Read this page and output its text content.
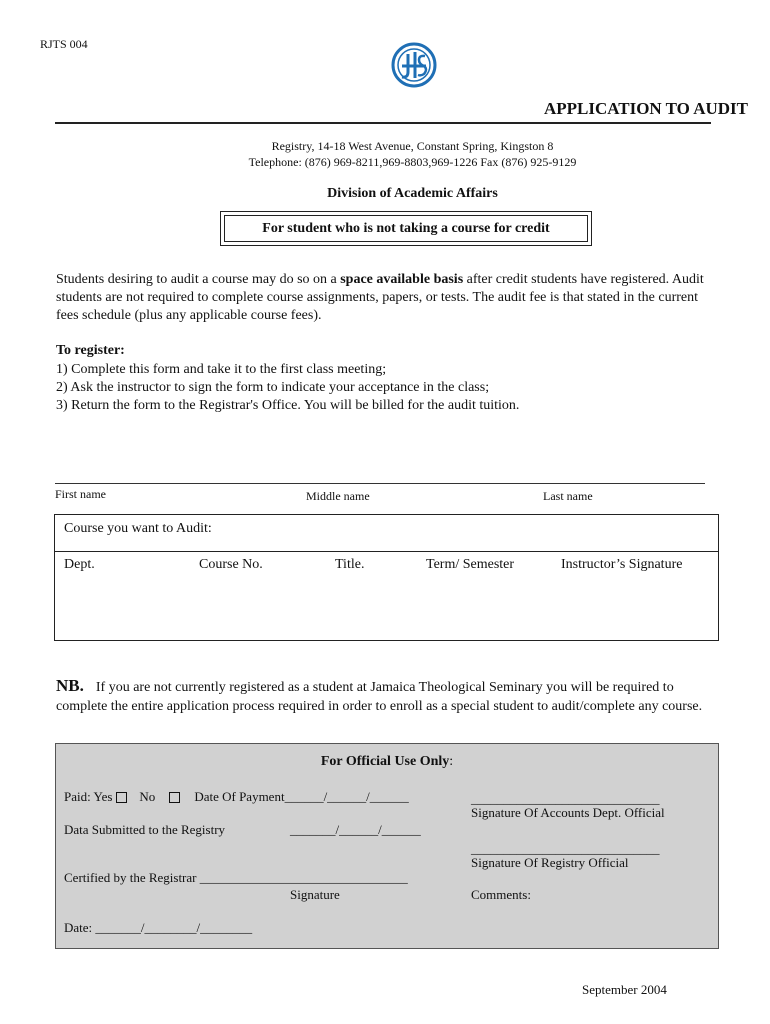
RJTS 004
APPLICATION TO AUDIT
Registry, 14-18 West Avenue, Constant Spring, Kingston 8
Telephone: (876) 969-8211,969-8803,969-1226 Fax (876) 925-9129
Division of Academic Affairs
For student who is not taking a course for credit
Students desiring to audit a course may do so on a space available basis after credit students have registered. Audit students are not required to complete course assignments, papers, or tests. The audit fee is that stated in the current fees schedule (plus any applicable course fees).
To register:
1) Complete this form and take it to the first class meeting;
2) Ask the instructor to sign the form to indicate your acceptance in the class;
3) Return the form to the Registrar's Office. You will be billed for the audit tuition.
First name	Middle name	Last name
Course you want to Audit:
Dept.	Course No.	Title.	Term/ Semester	Instructor’s Signature
NB. If you are not currently registered as a student at Jamaica Theological Seminary you will be required to complete the entire application process required in order to enroll as a special student to audit/complete any course.
For Official Use Only:
Paid: Yes No	Date Of Payment______/______/______	_____________________________
Signature Of Accounts Dept. Official
Data Submitted to the Registry	_______/______/______
_____________________________
Signature Of Registry Official
Certified by the Registrar ________________________________
Signature	Comments:
Date: _______/________/________
September 2004
